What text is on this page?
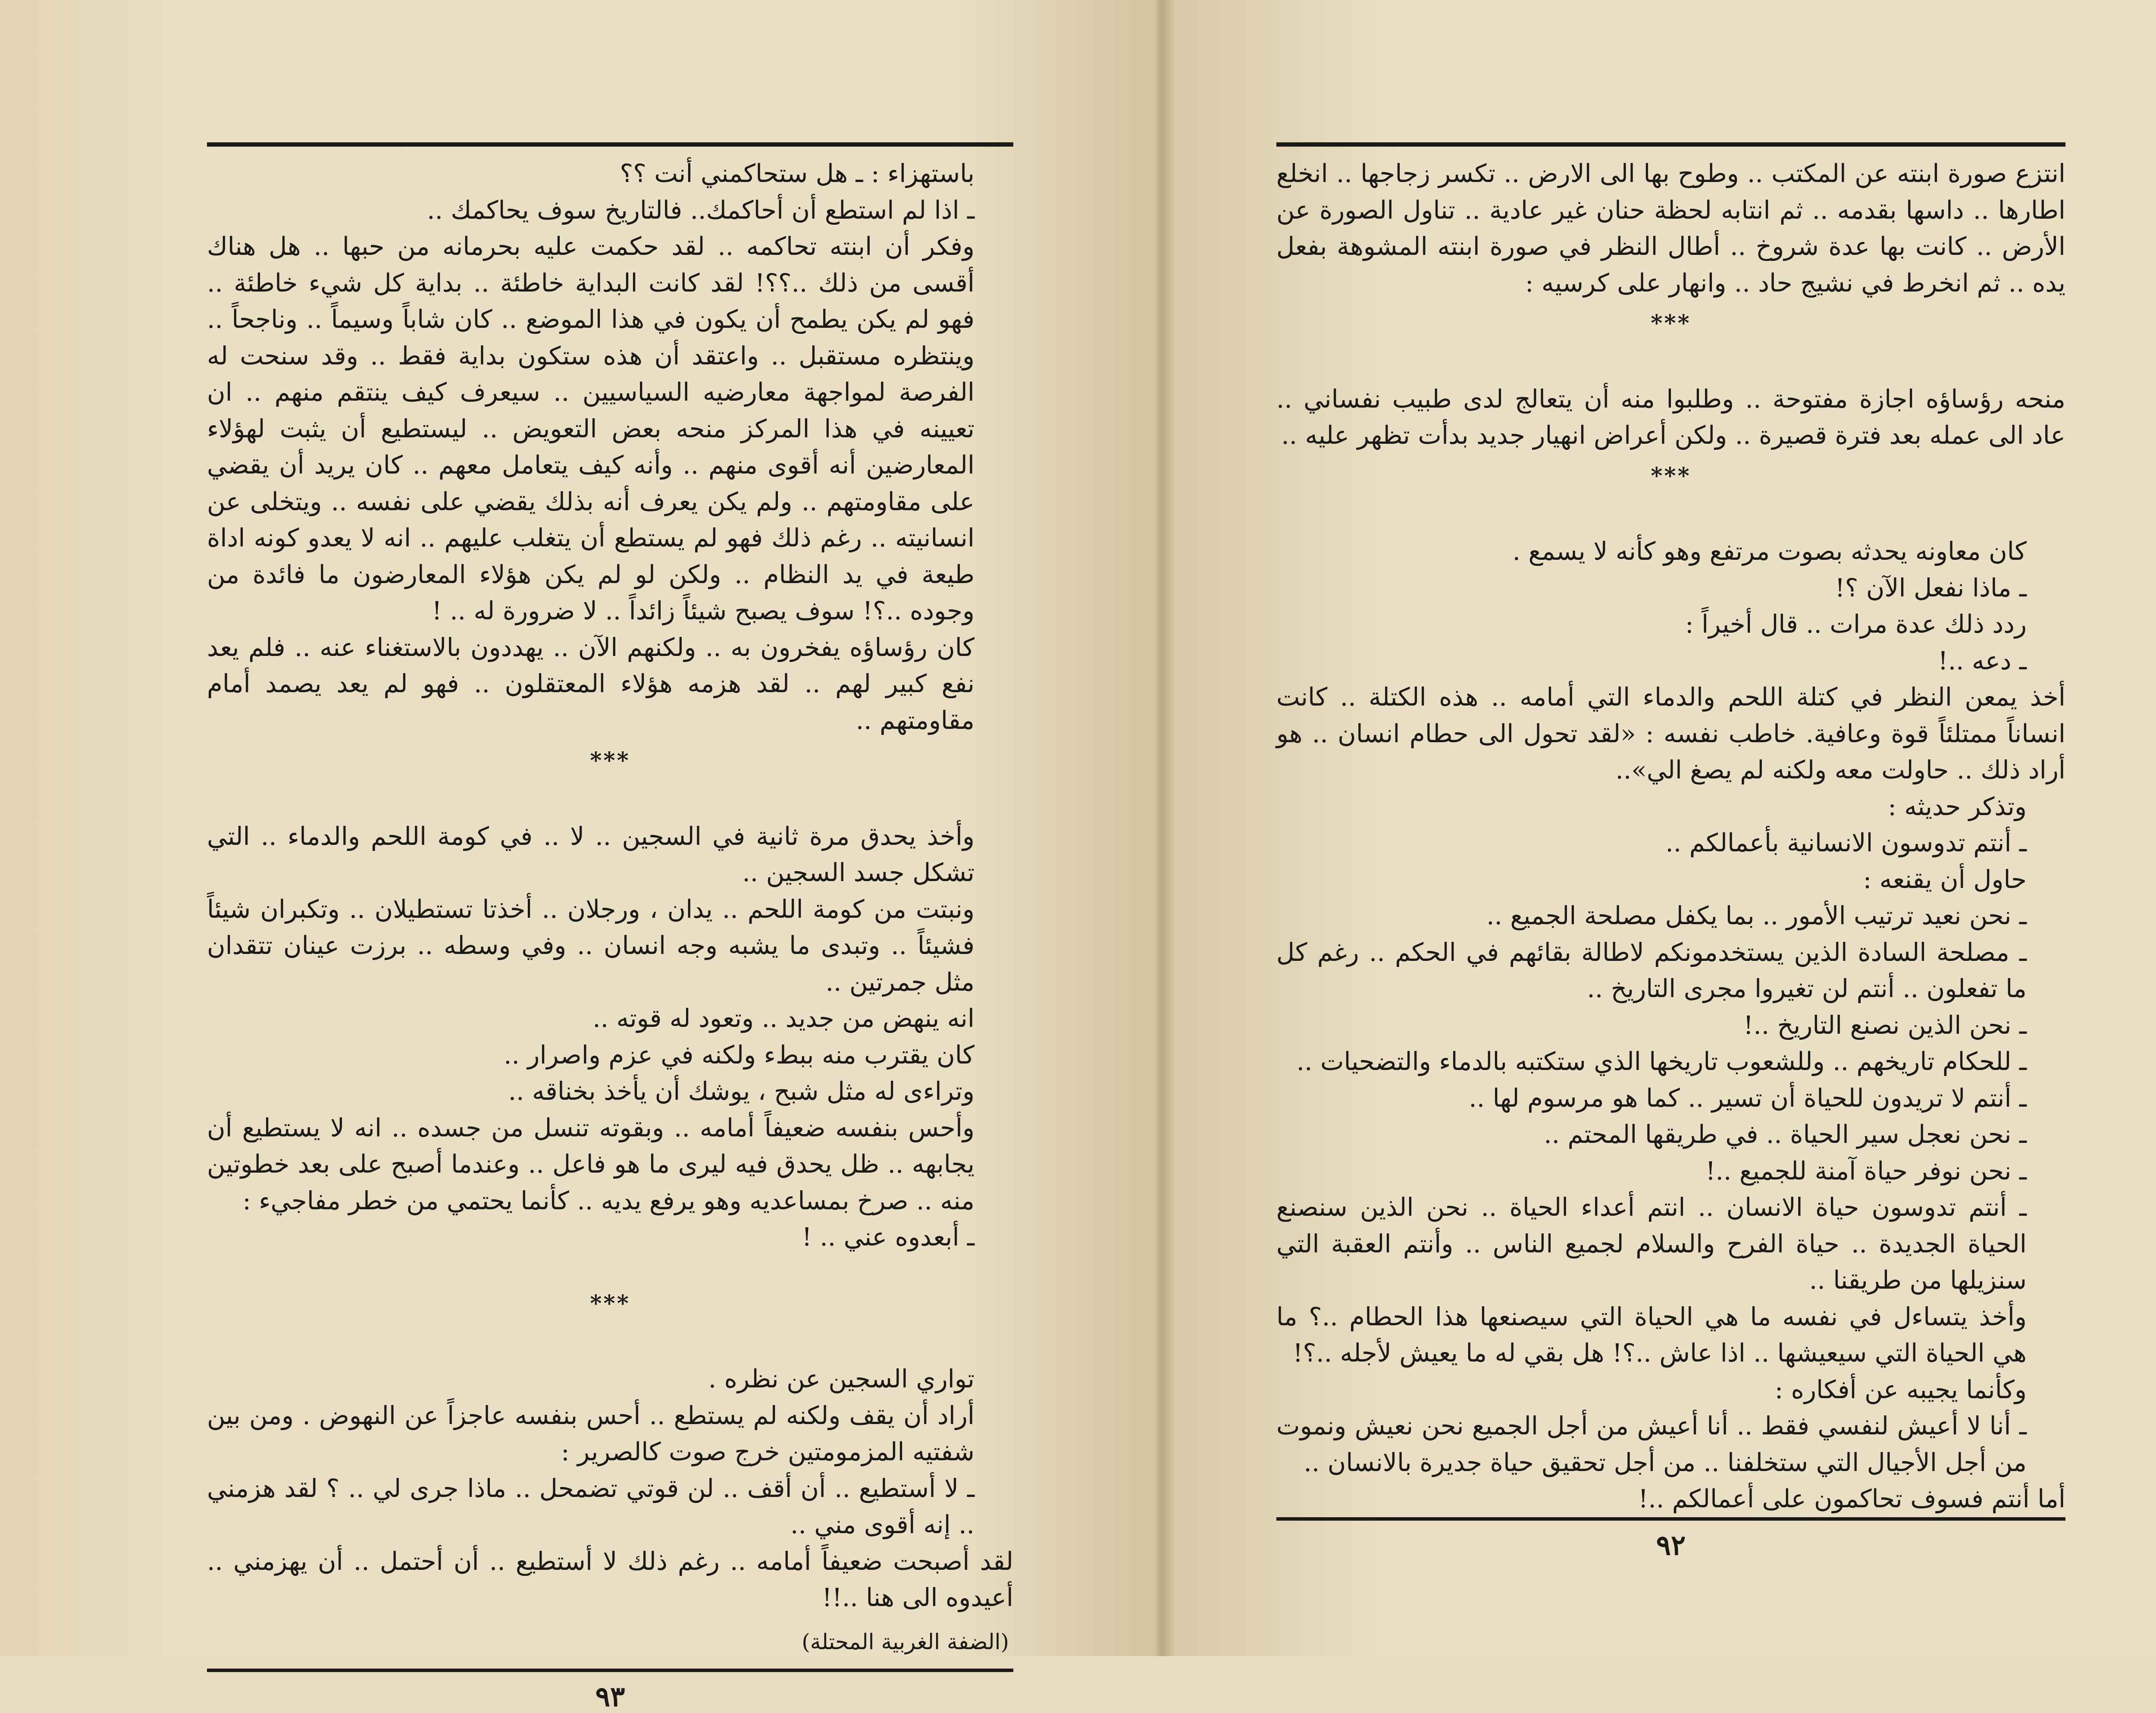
باستهزاء : ـ هل ستحاكمني أنت ؟؟

ـ اذا لم استطع أن أحاكمك.. فالتاريخ سوف يحاكمك ..

وفكر أن ابنته تحاكمه .. لقد حكمت عليه بحرمانه من حبها .. هل هناك أقسى من ذلك ..؟؟! لقد كانت البداية خاطئة .. بداية كل شيء خاطئة .. فهو لم يكن يطمح أن يكون في هذا الموضع .. كان شاباً وسيماً .. وناجحاً .. وينتظره مستقبل .. واعتقد أن هذه ستكون بداية فقط .. وقد سنحت له الفرصة لمواجهة معارضيه السياسيين .. سيعرف كيف ينتقم منهم .. ان تعيينه في هذا المركز منحه بعض التعويض .. ليستطيع أن يثبت لهؤلاء المعارضين أنه أقوى منهم .. وأنه كيف يتعامل معهم .. كان يريد أن يقضي على مقاومتهم .. ولم يكن يعرف أنه بذلك يقضي على نفسه .. ويتخلى عن انسانيته .. رغم ذلك فهو لم يستطع أن يتغلب عليهم .. انه لا يعدو كونه اداة طيعة في يد النظام .. ولكن لو لم يكن هؤلاء المعارضون ما فائدة من وجوده ..؟! سوف يصبح شيئاً زائداً .. لا ضرورة له .. !

كان رؤساؤه يفخرون به .. ولكنهم الآن .. يهددون بالاستغناء عنه .. فلم يعد نفع كبير لهم .. لقد هزمه هؤلاء المعتقلون .. فهو لم يعد يصمد أمام مقاومتهم ..

***

وأخذ يحدق مرة ثانية في السجين .. لا .. في كومة اللحم والدماء .. التي تشكل جسد السجين ..

ونبتت من كومة اللحم .. يدان ، ورجلان .. أخذتا تستطيلان .. وتكبران شيئاً فشيئاً .. وتبدى ما يشبه وجه انسان .. وفي وسطه .. برزت عينان تتقدان مثل جمرتين ..

انه ينهض من جديد .. وتعود له قوته ..

كان يقترب منه ببطء ولكنه في عزم واصرار ..

وتراءى له مثل شبح ، يوشك أن يأخذ بخناقه ..

وأحس بنفسه ضعيفاً أمامه .. وبقوته تنسل من جسده .. انه لا يستطيع أن يجابهه .. ظل يحدق فيه ليرى ما هو فاعل .. وعندما أصبح على بعد خطوتين منه .. صرخ بمساعديه وهو يرفع يديه .. كأنما يحتمي من خطر مفاجيء :

ـ أبعدوه عني .. !

***

تواري السجين عن نظره .

أراد أن يقف ولكنه لم يستطع .. أحس بنفسه عاجزاً عن النهوض . ومن بين شفتيه المزمومتين خرج صوت كالصرير :

ـ لا أستطيع .. أن أقف .. لن قوتي تضمحل .. ماذا جرى لي .. ؟ لقد هزمني .. إنه أقوى مني ..

لقد أصبحت ضعيفاً أمامه .. رغم ذلك لا أستطيع .. أن أحتمل .. أن يهزمني .. أعيدوه الى هنا ..!!

(الضفة الغربية المحتلة)
٩٣

انتزع صورة ابنته عن المكتب .. وطوح بها الى الارض .. تكسر زجاجها .. انخلع اطارها .. داسها بقدمه .. ثم انتابه لحظة حنان غير عادية .. تناول الصورة عن الأرض .. كانت بها عدة شروخ .. أطال النظر في صورة ابنته المشوهة بفعل يده .. ثم انخرط في نشيج حاد .. وانهار على كرسيه :

***

منحه رؤساؤه اجازة مفتوحة .. وطلبوا منه أن يتعالج لدى طبيب نفساني .. عاد الى عمله بعد فترة قصيرة .. ولكن أعراض انهيار جديد بدأت تظهر عليه ..

***

كان معاونه يحدثه بصوت مرتفع وهو كأنه لا يسمع .

ـ ماذا نفعل الآن ؟!

ردد ذلك عدة مرات .. قال أخيراً :

ـ دعه ..!

أخذ يمعن النظر في كتلة اللحم والدماء التي أمامه .. هذه الكتلة .. كانت انساناً ممتلئاً قوة وعافية. خاطب نفسه : «لقد تحول الى حطام انسان .. هو أراد ذلك .. حاولت معه ولكنه لم يصغ الي»..

وتذكر حديثه :

ـ أنتم تدوسون الانسانية بأعمالكم ..

حاول أن يقنعه :

ـ نحن نعيد ترتيب الأمور .. بما يكفل مصلحة الجميع ..

ـ مصلحة السادة الذين يستخدمونكم لاطالة بقائهم في الحكم .. رغم كل ما تفعلون .. أنتم لن تغيروا مجرى التاريخ ..

ـ نحن الذين نصنع التاريخ ..!

ـ للحكام تاريخهم .. وللشعوب تاريخها الذي ستكتبه بالدماء والتضحيات ..

ـ أنتم لا تريدون للحياة أن تسير .. كما هو مرسوم لها ..

ـ نحن نعجل سير الحياة .. في طريقها المحتم ..

ـ نحن نوفر حياة آمنة للجميع ..!

ـ أنتم تدوسون حياة الانسان .. انتم أعداء الحياة .. نحن الذين سنصنع الحياة الجديدة .. حياة الفرح والسلام لجميع الناس .. وأنتم العقبة التي سنزيلها من طريقنا ..

وأخذ يتساءل في نفسه ما هي الحياة التي سيصنعها هذا الحطام ..؟ ما هي الحياة التي سيعيشها .. اذا عاش ..؟! هل بقي له ما يعيش لأجله ..؟!

وكأنما يجيبه عن أفكاره :

ـ أنا لا أعيش لنفسي فقط .. أنا أعيش من أجل الجميع نحن نعيش ونموت من أجل الأجيال التي ستخلفنا .. من أجل تحقيق حياة جديرة بالانسان ..

أما أنتم فسوف تحاكمون على أعمالكم ..!

٩٢
